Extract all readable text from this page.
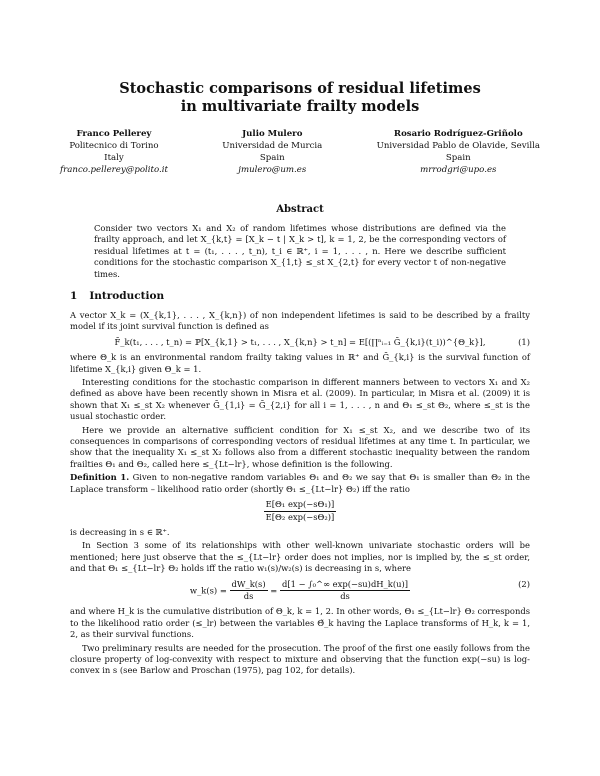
Stochastic comparisons of residual lifetimes
in multivariate frailty models
Franco Pellerey
Politecnico di Torino
Italy
franco.pellerey@polito.it
Julio Mulero
Universidad de Murcia
Spain
jmulero@um.es
Rosario Rodríguez-Griñolo
Universidad Pablo de Olavide, Sevilla
Spain
mrrodgri@upo.es
Abstract
Consider two vectors X₁ and X₂ of random lifetimes whose distributions are defined via the frailty approach, and let X_{k,t} = [X_k − t | X_k > t], k = 1, 2, be the corresponding vectors of residual lifetimes at t = (t₁, . . . , t_n), t_i ∈ ℝ⁺, i = 1, . . . , n. Here we describe sufficient conditions for the stochastic comparison X_{1,t} ≤_st X_{2,t} for every vector t of non-negative times.
1 Introduction

A vector X_k = (X_{k,1}, . . . , X_{k,n}) of non independent lifetimes is said to be described by a frailty model if its joint survival function is defined as

F̄_k(t₁, . . . , t_n) = ℙ[X_{k,1} > t₁, . . . , X_{k,n} > t_n] = E[(∏ⁿᵢ₌₁ Ḡ_{k,i}(t_i))^{Θ_k}],	(1)

where Θ_k is an environmental random frailty taking values in ℝ⁺ and Ḡ_{k,i} is the survival function of lifetime X_{k,i} given Θ_k = 1.

Interesting conditions for the stochastic comparison in different manners between to vectors X₁ and X₂ defined as above have been recently shown in Misra et al. (2009). In particular, in Misra et al. (2009) it is shown that X₁ ≤_st X₂ whenever Ḡ_{1,i} = Ḡ_{2,i} for all i = 1, . . . , n and Θ₁ ≤_st Θ₂, where ≤_st is the usual stochastic order.

Here we provide an alternative sufficient condition for X₁ ≤_st X₂, and we describe two of its consequences in comparisons of corresponding vectors of residual lifetimes at any time t. In particular, we show that the inequality X₁ ≤_st X₂ follows also from a different stochastic inequality between the random frailties Θ₁ and Θ₂, called here ≤_{Lt−lr}, whose definition is the following.

Definition 1. Given to non-negative random variables Θ₁ and Θ₂ we say that Θ₁ is smaller than Θ₂ in the Laplace transform – likelihood ratio order (shortly Θ₁ ≤_{Lt−lr} Θ₂) iff the ratio

$\frac{\text{E[Θ₁ exp(−sΘ₁)]}}{\text{E[Θ₂ exp(−sΘ₂)]}}$

is decreasing in s ∈ ℝ⁺.

In Section 3 some of its relationships with other well-known univariate stochastic orders will be mentioned; here just observe that the ≤_{Lt−lr} order does not implies, nor is implied by, the ≤_st order, and that Θ₁ ≤_{Lt−lr} Θ₂ holds iff the ratio w₁(s)/w₂(s) is decreasing in s, where

w_k(s) = $\frac{dW\_k(s)}{ds} = \frac{\text{d[1 − ∫₀\textasciicircum{}∞ exp(−su)dH\_k(u)]}}{ds}$	(2)

and where H_k is the cumulative distribution of Θ_k, k = 1, 2. In other words, Θ₁ ≤_{Lt−lr} Θ₂ corresponds to the likelihood ratio order (≤_lr) between the variables Θ̃_k having the Laplace transforms of H_k, k = 1, 2, as their survival functions.

Two preliminary results are needed for the prosecution. The proof of the first one easily follows from the closure property of log-convexity with respect to mixture and observing that the function exp(−su) is log-convex in s (see Barlow and Proschan (1975), pag 102, for details).
